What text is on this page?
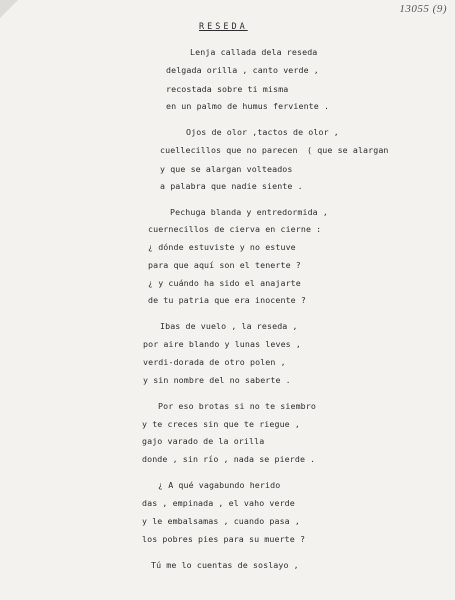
13055 (9)
RESEDA
Lenja callada dela reseda
delgada orilla , canto verde ,
recostada sobre ti misma
en un palmo de humus ferviente .
Ojos de olor ,tactos de olor ,
cuellecillos que no parecen ( que se alargan
y que se alargan volteados
a palabra que nadie siente .
Pechuga blanda y entredormida ,
cuernecillos de cierva en cierne :
¿ dónde estuviste y no estuve
para que aquí son el tenerte ?
¿ y cuándo ha sido el anajarte
de tu patria que era inocente ?
Ibas de vuelo , la reseda ,
por aire blando y lunas leves ,
verdi-dorada de otro polen ,
y sin nombre del no saberte .
Por eso brotas si no te siembro
y te creces sin que te riegue ,
gajo varado de la orilla
donde , sin río , nada se pierde .
¿ A qué vagabundo herido
das , empinada , el vaho verde
y le embalsamas , cuando pasa ,
los pobres pies para su muerte ?
Tú me lo cuentas de soslayo ,
